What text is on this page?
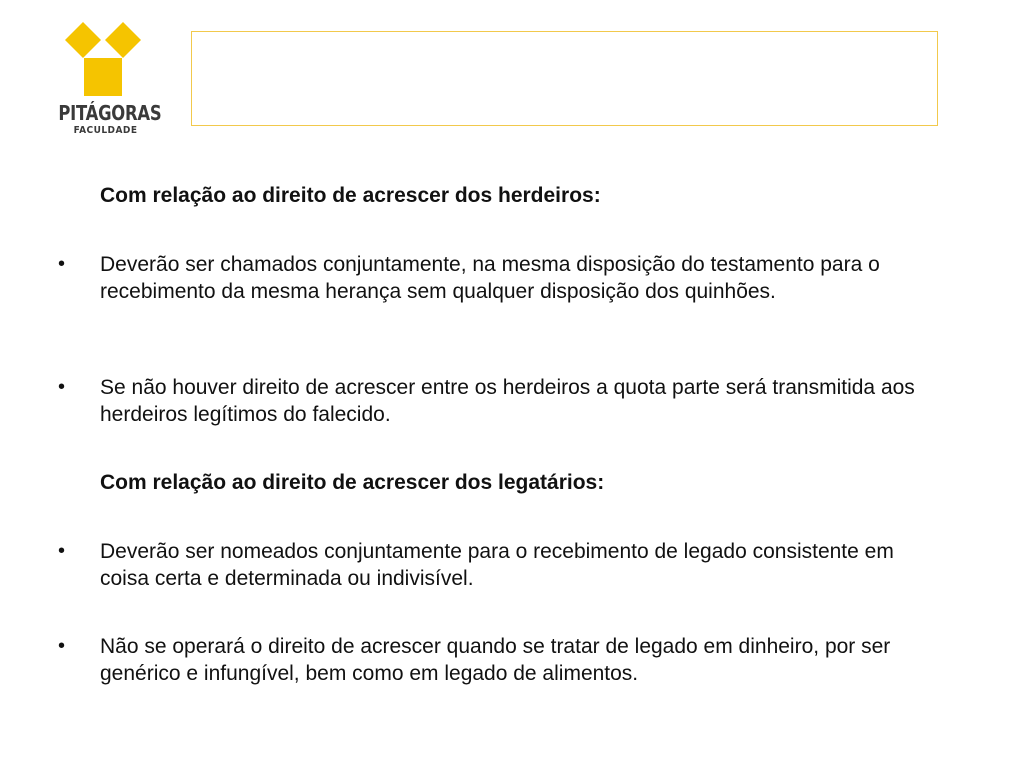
PITÁGORAS
FACULDADE
Com relação ao direito de acrescer dos herdeiros:
•	Deverão ser chamados conjuntamente, na mesma disposição do testamento para o recebimento da mesma herança sem qualquer disposição dos quinhões.
•	Se não houver direito de acrescer entre os herdeiros a quota parte será transmitida aos herdeiros legítimos do falecido.
Com relação ao direito de acrescer dos legatários:
•	Deverão ser nomeados conjuntamente para o recebimento de legado consistente em coisa certa e determinada ou indivisível.
•	Não se operará o direito de acrescer quando se tratar de legado em dinheiro, por ser genérico e infungível, bem como em legado de alimentos.
